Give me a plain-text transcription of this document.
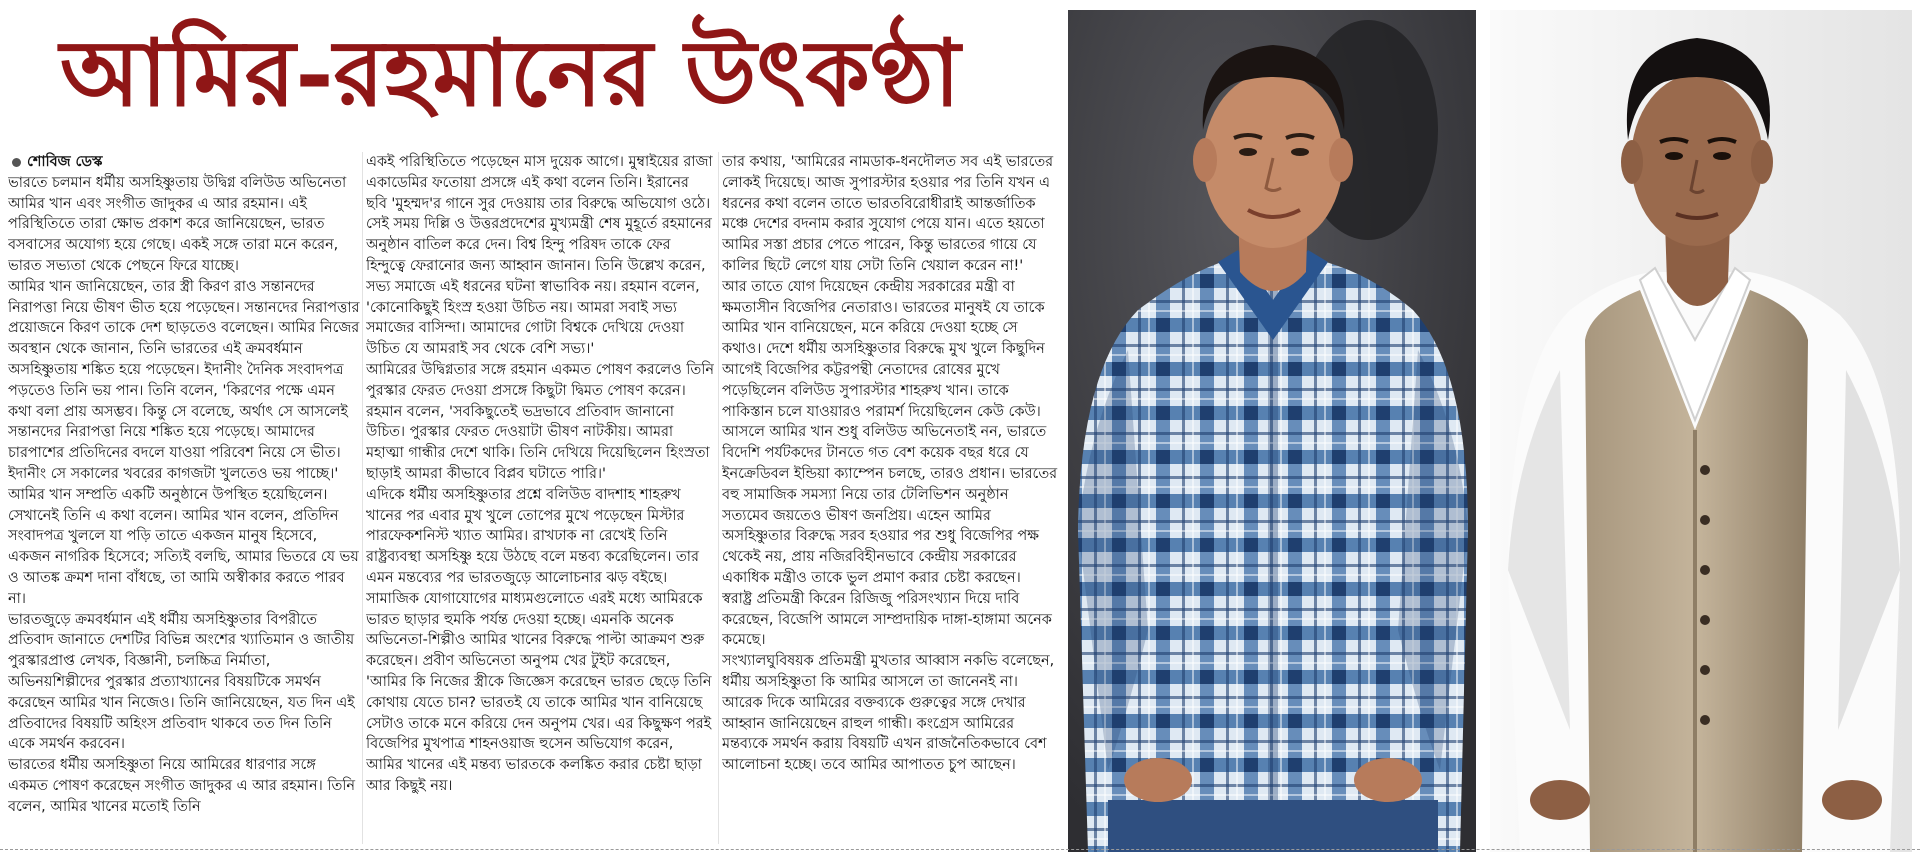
আমির-রহমানের উৎকণ্ঠা

শোবিজ ডেস্ক

ভারতে চলমান ধর্মীয় অসহিষ্ণুতায় উদ্বিগ্ন বলিউড অভিনেতা আমির খান এবং সংগীত জাদুকর এ আর রহমান। এই পরিস্থিতিতে তারা ক্ষোভ প্রকাশ করে জানিয়েছেন, ভারত বসবাসের অযোগ্য হয়ে গেছে। একই সঙ্গে তারা মনে করেন, ভারত সভ্যতা থেকে পেছনে ফিরে যাচ্ছে।

আমির খান জানিয়েছেন, তার স্ত্রী কিরণ রাও সন্তানদের নিরাপত্তা নিয়ে ভীষণ ভীত হয়ে পড়েছেন। সন্তানদের নিরাপত্তার প্রয়োজনে কিরণ তাকে দেশ ছাড়তেও বলেছেন। আমির নিজের অবস্থান থেকে জানান, তিনি ভারতের এই ক্রমবর্ধমান অসহিষ্ণুতায় শঙ্কিত হয়ে পড়েছেন। ইদানীং দৈনিক সংবাদপত্র পড়তেও তিনি ভয় পান। তিনি বলেন, 'কিরণের পক্ষে এমন কথা বলা প্রায় অসম্ভব। কিন্তু সে বলেছে, অর্থাৎ সে আসলেই সন্তানদের নিরাপত্তা নিয়ে শঙ্কিত হয়ে পড়েছে। আমাদের চারপাশের প্রতিদিনের বদলে যাওয়া পরিবেশ নিয়ে সে ভীত। ইদানীং সে সকালের খবরের কাগজটা খুলতেও ভয় পাচ্ছে।'

আমির খান সম্প্রতি একটি অনুষ্ঠানে উপস্থিত হয়েছিলেন। সেখানেই তিনি এ কথা বলেন। আমির খান বলেন, প্রতিদিন সংবাদপত্র খুললে যা পড়ি তাতে একজন মানুষ হিসেবে, একজন নাগরিক হিসেবে; সত্যিই বলছি, আমার ভিতরে যে ভয় ও আতঙ্ক ক্রমশ দানা বাঁধছে, তা আমি অস্বীকার করতে পারব না।

ভারতজুড়ে ক্রমবর্ধমান এই ধর্মীয় অসহিষ্ণুতার বিপরীতে প্রতিবাদ জানাতে দেশটির বিভিন্ন অংশের খ্যাতিমান ও জাতীয় পুরস্কারপ্রাপ্ত লেখক, বিজ্ঞানী, চলচ্চিত্র নির্মাতা, অভিনয়শিল্পীদের পুরস্কার প্রত্যাখ্যানের বিষয়টিকে সমর্থন করেছেন আমির খান নিজেও। তিনি জানিয়েছেন, যত দিন এই প্রতিবাদের বিষয়টি অহিংস প্রতিবাদ থাকবে তত দিন তিনি একে সমর্থন করবেন।

ভারতের ধর্মীয় অসহিষ্ণুতা নিয়ে আমিরের ধারণার সঙ্গে একমত পোষণ করেছেন সংগীত জাদুকর এ আর রহমান। তিনি বলেন, আমির খানের মতোই তিনি

একই পরিস্থিতিতে পড়েছেন মাস দুয়েক আগে। মুম্বাইয়ের রাজা একাডেমির ফতোয়া প্রসঙ্গে এই কথা বলেন তিনি। ইরানের ছবি 'মুহম্মদ'র গানে সুর দেওয়ায় তার বিরুদ্ধে অভিযোগ ওঠে। সেই সময় দিল্লি ও উত্তরপ্রদেশের মুখ্যমন্ত্রী শেষ মুহূর্তে রহমানের অনুষ্ঠান বাতিল করে দেন। বিশ্ব হিন্দু পরিষদ তাকে ফের হিন্দুত্বে ফেরানোর জন্য আহ্বান জানান। তিনি উল্লেখ করেন, সভ্য সমাজে এই ধরনের ঘটনা স্বাভাবিক নয়। রহমান বলেন, 'কোনোকিছুই হিংস্র হওয়া উচিত নয়। আমরা সবাই সভ্য সমাজের বাসিন্দা। আমাদের গোটা বিশ্বকে দেখিয়ে দেওয়া উচিত যে আমরাই সব থেকে বেশি সভ্য।'

আমিরের উদ্বিগ্নতার সঙ্গে রহমান একমত পোষণ করলেও তিনি পুরস্কার ফেরত দেওয়া প্রসঙ্গে কিছুটা দ্বিমত পোষণ করেন। রহমান বলেন, 'সবকিছুতেই ভদ্রভাবে প্রতিবাদ জানানো উচিত। পুরস্কার ফেরত দেওয়াটা ভীষণ নাটকীয়। আমরা মহাত্মা গান্ধীর দেশে থাকি। তিনি দেখিয়ে দিয়েছিলেন হিংস্রতা ছাড়াই আমরা কীভাবে বিপ্লব ঘটাতে পারি।'

এদিকে ধর্মীয় অসহিষ্ণুতার প্রশ্নে বলিউড বাদশাহ শাহরুখ খানের পর এবার মুখ খুলে তোপের মুখে পড়েছেন মিস্টার পারফেকশনিস্ট খ্যাত আমির। রাখঢাক না রেখেই তিনি রাষ্ট্রব্যবস্থা অসহিষ্ণু হয়ে উঠছে বলে মন্তব্য করেছিলেন। তার এমন মন্তব্যের পর ভারতজুড়ে আলোচনার ঝড় বইছে। সামাজিক যোগাযোগের মাধ্যমগুলোতে এরই মধ্যে আমিরকে ভারত ছাড়ার হুমকি পর্যন্ত দেওয়া হচ্ছে। এমনকি অনেক অভিনেতা-শিল্পীও আমির খানের বিরুদ্ধে পাল্টা আক্রমণ শুরু করেছেন। প্রবীণ অভিনেতা অনুপম খের টুইট করেছেন, 'আমির কি নিজের স্ত্রীকে জিজ্ঞেস করেছেন ভারত ছেড়ে তিনি কোথায় যেতে চান? ভারতই যে তাকে আমির খান বানিয়েছে সেটাও তাকে মনে করিয়ে দেন অনুপম খের। এর কিছুক্ষণ পরই বিজেপির মুখপাত্র শাহনওয়াজ হুসেন অভিযোগ করেন, আমির খানের এই মন্তব্য ভারতকে কলঙ্কিত করার চেষ্টা ছাড়া আর কিছুই নয়।

তার কথায়, 'আমিরের নামডাক-ধনদৌলত সব এই ভারতের লোকই দিয়েছে। আজ সুপারস্টার হওয়ার পর তিনি যখন এ ধরনের কথা বলেন তাতে ভারতবিরোধীরাই আন্তর্জাতিক মঞ্চে দেশের বদনাম করার সুযোগ পেয়ে যান। এতে হয়তো আমির সস্তা প্রচার পেতে পারেন, কিন্তু ভারতের গায়ে যে কালির ছিটে লেগে যায় সেটা তিনি খেয়াল করেন না!'

আর তাতে যোগ দিয়েছেন কেন্দ্রীয় সরকারের মন্ত্রী বা ক্ষমতাসীন বিজেপির নেতারাও। ভারতের মানুষই যে তাকে আমির খান বানিয়েছেন, মনে করিয়ে দেওয়া হচ্ছে সে কথাও। দেশে ধর্মীয় অসহিষ্ণুতার বিরুদ্ধে মুখ খুলে কিছুদিন আগেই বিজেপির কট্টরপন্থী নেতাদের রোষের মুখে পড়েছিলেন বলিউড সুপারস্টার শাহরুখ খান। তাকে পাকিস্তান চলে যাওয়ারও পরামর্শ দিয়েছিলেন কেউ কেউ।

আসলে আমির খান শুধু বলিউড অভিনেতাই নন, ভারতে বিদেশি পর্যটকদের টানতে গত বেশ কয়েক বছর ধরে যে ইনক্রেডিবল ইন্ডিয়া ক্যাম্পেন চলছে, তারও প্রধান। ভারতের বহু সামাজিক সমস্যা নিয়ে তার টেলিভিশন অনুষ্ঠান সত্যমেব জয়তেও ভীষণ জনপ্রিয়। এহেন আমির অসহিষ্ণুতার বিরুদ্ধে সরব হওয়ার পর শুধু বিজেপির পক্ষ থেকেই নয়, প্রায় নজিরবিহীনভাবে কেন্দ্রীয় সরকারের একাধিক মন্ত্রীও তাকে ভুল প্রমাণ করার চেষ্টা করছেন।

স্বরাষ্ট্র প্রতিমন্ত্রী কিরেন রিজিজু পরিসংখ্যান দিয়ে দাবি করেছেন, বিজেপি আমলে সাম্প্রদায়িক দাঙ্গা-হাঙ্গামা অনেক কমেছে।

সংখ্যালঘুবিষয়ক প্রতিমন্ত্রী মুখতার আব্বাস নকভি বলেছেন, ধর্মীয় অসহিষ্ণুতা কি আমির আসলে তা জানেনই না।

আরেক দিকে আমিরের বক্তব্যকে গুরুত্বের সঙ্গে দেখার আহ্বান জানিয়েছেন রাহুল গান্ধী। কংগ্রেস আমিরের মন্তব্যকে সমর্থন করায় বিষয়টি এখন রাজনৈতিকভাবে বেশ আলোচনা হচ্ছে। তবে আমির আপাতত চুপ আছেন।
